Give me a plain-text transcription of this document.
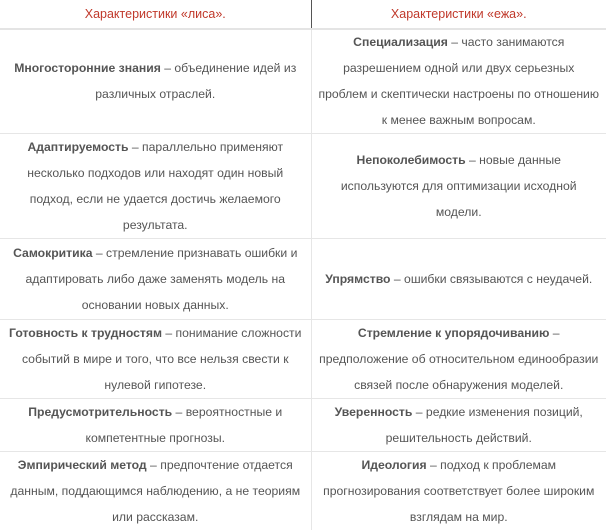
Характеристики «лиса».	Характеристики «ежа».
Многосторонние знания – объединение идей из различных отраслей.	Специализация – часто занимаются разрешением одной или двух серьезных проблем и скептически настроены по отношению к менее важным вопросам.
Адаптируемость – параллельно применяют несколько подходов или находят один новый подход, если не удается достичь желаемого результата.	Непоколебимость – новые данные используются для оптимизации исходной модели.
Самокритика – стремление признавать ошибки и адаптировать либо даже заменять модель на основании новых данных.	Упрямство – ошибки связываются с неудачей.
Готовность к трудностям – понимание сложности событий в мире и того, что все нельзя свести к нулевой гипотезе.	Стремление к упорядочиванию – предположение об относительном единообразии связей после обнаружения моделей.
Предусмотрительность – вероятностные и компетентные прогнозы.	Уверенность – редкие изменения позиций, решительность действий.
Эмпирический метод – предпочтение отдается данным, поддающимся наблюдению, а не теориям или рассказам.	Идеология – подход к проблемам прогнозирования соответствует более широким взглядам на мир.
